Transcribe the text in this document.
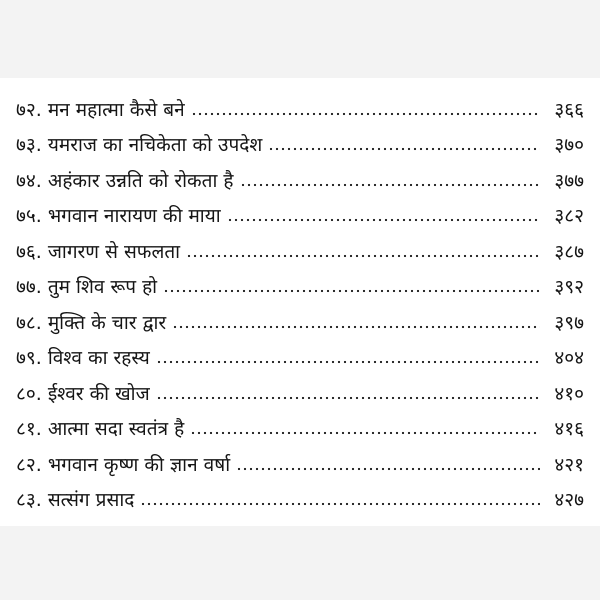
७२. मन महात्मा कैसे बने	३६६
७३. यमराज का नचिकेता को उपदेश	३७०
७४. अहंकार उन्नति को रोकता है	३७७
७५. भगवान नारायण की माया	३८२
७६. जागरण से सफलता	३८७
७७. तुम शिव रूप हो	३९२
७८. मुक्ति के चार द्वार	३९७
७९. विश्व का रहस्य	४०४
८०. ईश्वर की खोज	४१०
८१. आत्मा सदा स्वतंत्र है	४१६
८२. भगवान कृष्ण की ज्ञान वर्षा	४२१
८३. सत्संग प्रसाद	४२७
